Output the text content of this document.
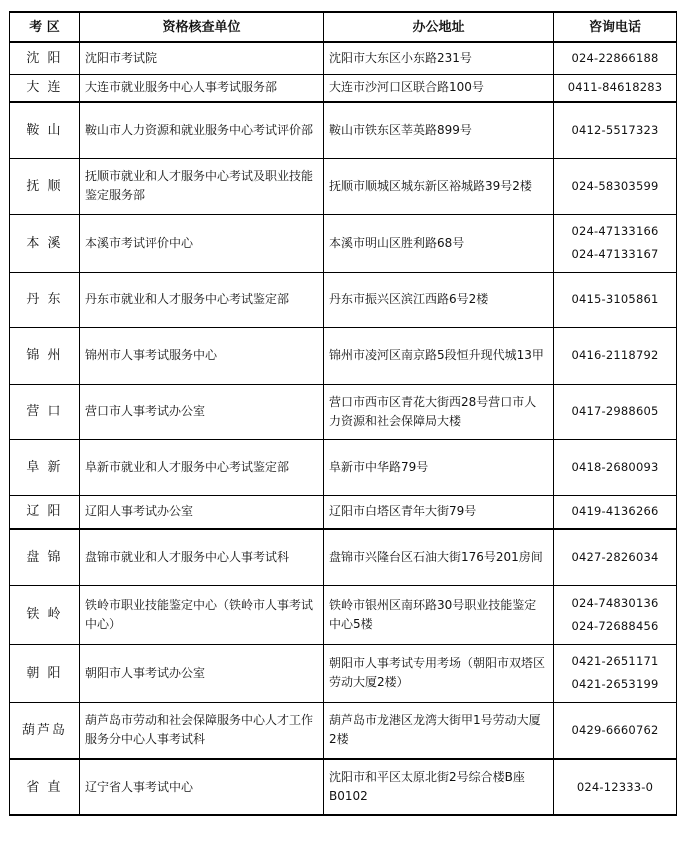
考 区	资格核查单位	办公地址	咨询电话
沈 阳	沈阳市考试院	沈阳市大东区小东路231号	024-22866188

大 连	大连市就业服务中心人事考试服务部	大连市沙河口区联合路100号	0411-84618283

鞍 山	鞍山市人力资源和就业服务中心考试评价部	鞍山市铁东区莘英路899号	0412-5517323

抚 顺	抚顺市就业和人才服务中心考试及职业技能鉴定服务部	抚顺市顺城区城东新区裕城路39号2楼	024-58303599

本 溪	本溪市考试评价中心	本溪市明山区胜利路68号	024-47133166
024-47133167

丹 东	丹东市就业和人才服务中心考试鉴定部	丹东市振兴区滨江西路6号2楼	0415-3105861

锦 州	锦州市人事考试服务中心	锦州市凌河区南京路5段恒升现代城13甲	0416-2118792

营 口	营口市人事考试办公室	营口市西市区青花大街西28号营口市人力资源和社会保障局大楼	0417-2988605

阜 新	阜新市就业和人才服务中心考试鉴定部	阜新市中华路79号	0418-2680093

辽 阳	辽阳人事考试办公室	辽阳市白塔区青年大街79号	0419-4136266

盘 锦	盘锦市就业和人才服务中心人事考试科	盘锦市兴隆台区石油大街176号201房间	0427-2826034

铁 岭	铁岭市职业技能鉴定中心（铁岭市人事考试中心）	铁岭市银州区南环路30号职业技能鉴定中心5楼	024-74830136
024-72688456

朝 阳	朝阳市人事考试办公室	朝阳市人事考试专用考场（朝阳市双塔区劳动大厦2楼）	0421-2651171
0421-2653199

葫芦岛	葫芦岛市劳动和社会保障服务中心人才工作服务分中心人事考试科	葫芦岛市龙港区龙湾大街甲1号劳动大厦2楼	0429-6660762

省 直	辽宁省人事考试中心	沈阳市和平区太原北街2号综合楼B座B0102	024-12333-0
